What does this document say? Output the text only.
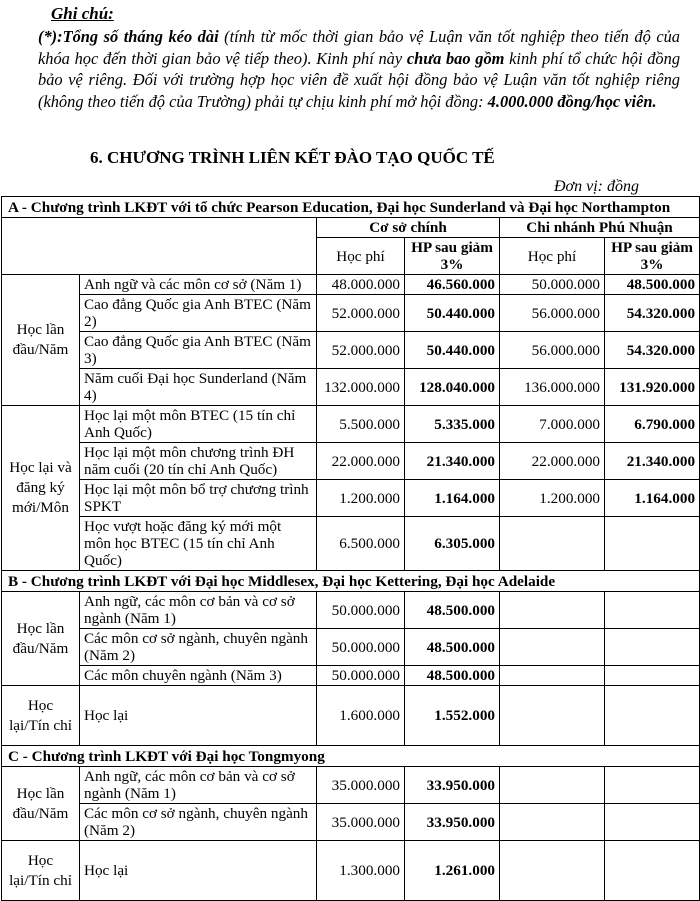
Ghi chú:
(*):Tổng số tháng kéo dài (tính từ mốc thời gian bảo vệ Luận văn tốt nghiệp theo tiến độ của khóa học đến thời gian bảo vệ tiếp theo). Kinh phí này chưa bao gồm kinh phí tổ chức hội đồng bảo vệ riêng. Đối với trường hợp học viên đề xuất hội đồng bảo vệ Luận văn tốt nghiệp riêng (không theo tiến độ của Trường) phải tự chịu kinh phí mở hội đồng: 4.000.000 đồng/học viên.
6. CHƯƠNG TRÌNH LIÊN KẾT ĐÀO TẠO QUỐC TẾ
Đơn vị: đồng
A - Chương trình LKĐT với tổ chức Pearson Education, Đại học Sunderland và Đại học Northampton					
		Cơ sở chính		Chi nhánh Phú Nhuận	
		Học phí	HP sau giảm 3%	Học phí	HP sau giảm 3%
Học lần đầu/Năm	Anh ngữ và các môn cơ sở (Năm 1)	48.000.000	46.560.000	50.000.000	48.500.000
	Cao đẳng Quốc gia Anh BTEC (Năm 2)	52.000.000	50.440.000	56.000.000	54.320.000
	Cao đẳng Quốc gia Anh BTEC (Năm 3)	52.000.000	50.440.000	56.000.000	54.320.000
	Năm cuối Đại học Sunderland (Năm 4)	132.000.000	128.040.000	136.000.000	131.920.000
Học lại và đăng ký mới/Môn	Học lại một môn BTEC (15 tín chỉ Anh Quốc)	5.500.000	5.335.000	7.000.000	6.790.000
	Học lại một môn chương trình ĐH năm cuối (20 tín chỉ Anh Quốc)	22.000.000	21.340.000	22.000.000	21.340.000
	Học lại một môn bổ trợ chương trình SPKT	1.200.000	1.164.000	1.200.000	1.164.000
	Học vượt hoặc đăng ký mới một môn học BTEC (15 tín chỉ Anh Quốc)	6.500.000	6.305.000		
B - Chương trình LKĐT với Đại học Middlesex, Đại học Kettering, Đại học Adelaide					
Học lần đầu/Năm	Anh ngữ, các môn cơ bản và cơ sở ngành (Năm 1)	50.000.000	48.500.000		
	Các môn cơ sở ngành, chuyên ngành (Năm 2)	50.000.000	48.500.000		
	Các môn chuyên ngành (Năm 3)	50.000.000	48.500.000		
Học lại/Tín chỉ	Học lại	1.600.000	1.552.000		
C - Chương trình LKĐT với Đại học Tongmyong					
Học lần đầu/Năm	Anh ngữ, các môn cơ bản và cơ sở ngành (Năm 1)	35.000.000	33.950.000		
	Các môn cơ sở ngành, chuyên ngành (Năm 2)	35.000.000	33.950.000		
Học lại/Tín chỉ	Học lại	1.300.000	1.261.000		
